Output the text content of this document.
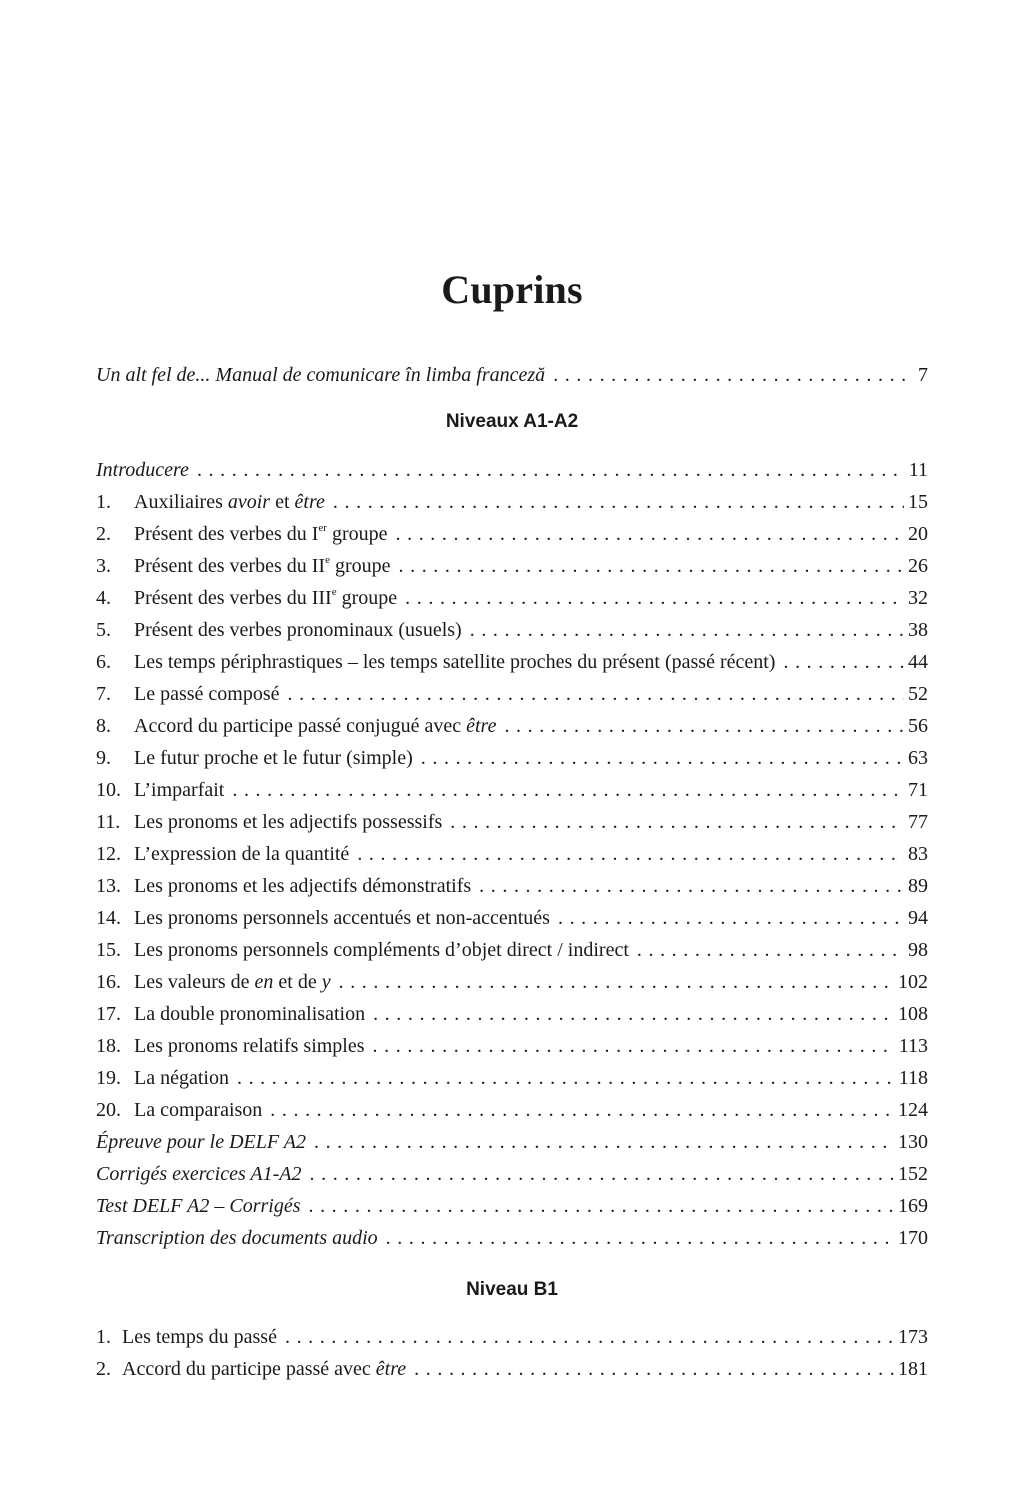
Cuprins
Un alt fel de... Manual de comunicare în limba franceză . . .	7
Niveaux A1-A2
Introducere . . .	11
1.	Auxiliaires avoir et être . . .	15
2.	Présent des verbes du Ier groupe . . .	20
3.	Présent des verbes du IIe groupe . . .	26
4.	Présent des verbes du IIIe groupe . . .	32
5.	Présent des verbes pronominaux (usuels) . . .	38
6.	Les temps périphrastiques – les temps satellite proches du présent (passé récent) . . .	44
7.	Le passé composé . . .	52
8.	Accord du participe passé conjugué avec être . . .	56
9.	Le futur proche et le futur (simple) . . .	63
10. L’imparfait . . .	71
11. Les pronoms et les adjectifs possessifs . . .	77
12. L’expression de la quantité . . .	83
13. Les pronoms et les adjectifs démonstratifs . . .	89
14. Les pronoms personnels accentués et non-accentués . . .	94
15. Les pronoms personnels compléments d’objet direct / indirect . . .	98
16. Les valeurs de en et de y . . .	102
17. La double pronominalisation . . .	108
18. Les pronoms relatifs simples . . .	113
19. La négation . . .	118
20. La comparaison . . .	124
Épreuve pour le DELF A2 . . .	130
Corrigés exercices A1-A2 . . .	152
Test DELF A2 – Corrigés . . .	169
Transcription des documents audio . . .	170
Niveau B1
1. Les temps du passé . . .	173
2. Accord du participe passé avec être . . .	181
